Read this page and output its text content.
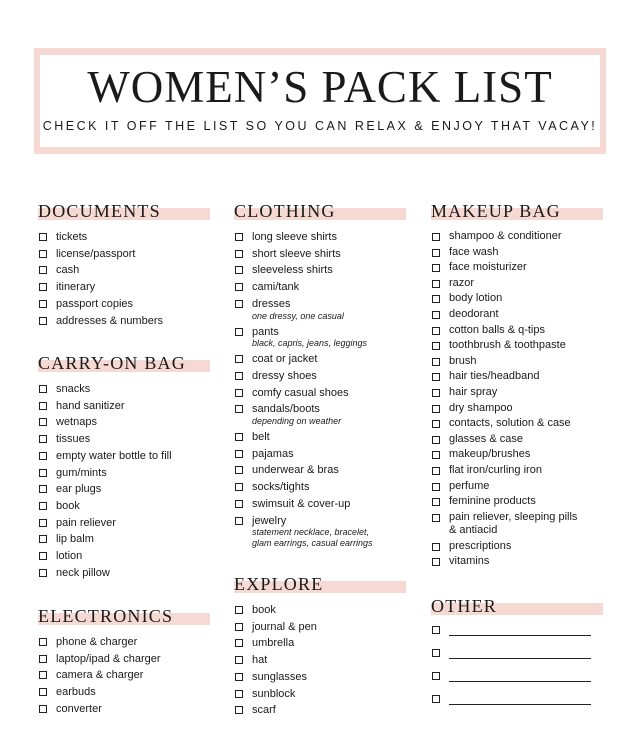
WOMEN’S PACK LIST
CHECK IT OFF THE LIST SO YOU CAN RELAX & ENJOY THAT VACAY!
DOCUMENTS
tickets
license/passport
cash
itinerary
passport copies
addresses & numbers
CARRY-ON BAG
snacks
hand sanitizer
wetnaps
tissues
empty water bottle to fill
gum/mints
ear plugs
book
pain reliever
lip balm
lotion
neck pillow
ELECTRONICS
phone & charger
laptop/ipad & charger
camera & charger
earbuds
converter
CLOTHING
long sleeve shirts
short sleeve shirts
sleeveless shirts
cami/tank
dresses
one dressy, one casual
pants
black, capris, jeans, leggings
coat or jacket
dressy shoes
comfy casual shoes
sandals/boots
depending on weather
belt
pajamas
underwear & bras
socks/tights
swimsuit & cover-up
jewelry
statement necklace, bracelet,
glam earrings, casual earrings
EXPLORE
book
journal & pen
umbrella
hat
sunglasses
sunblock
scarf
MAKEUP BAG
shampoo & conditioner
face wash
face moisturizer
razor
body lotion
deodorant
cotton balls & q-tips
toothbrush & toothpaste
brush
hair ties/headband
hair spray
dry shampoo
contacts, solution & case
glasses & case
makeup/brushes
flat iron/curling iron
perfume
feminine products
pain reliever, sleeping pills
& antiacid
prescriptions
vitamins
OTHER
